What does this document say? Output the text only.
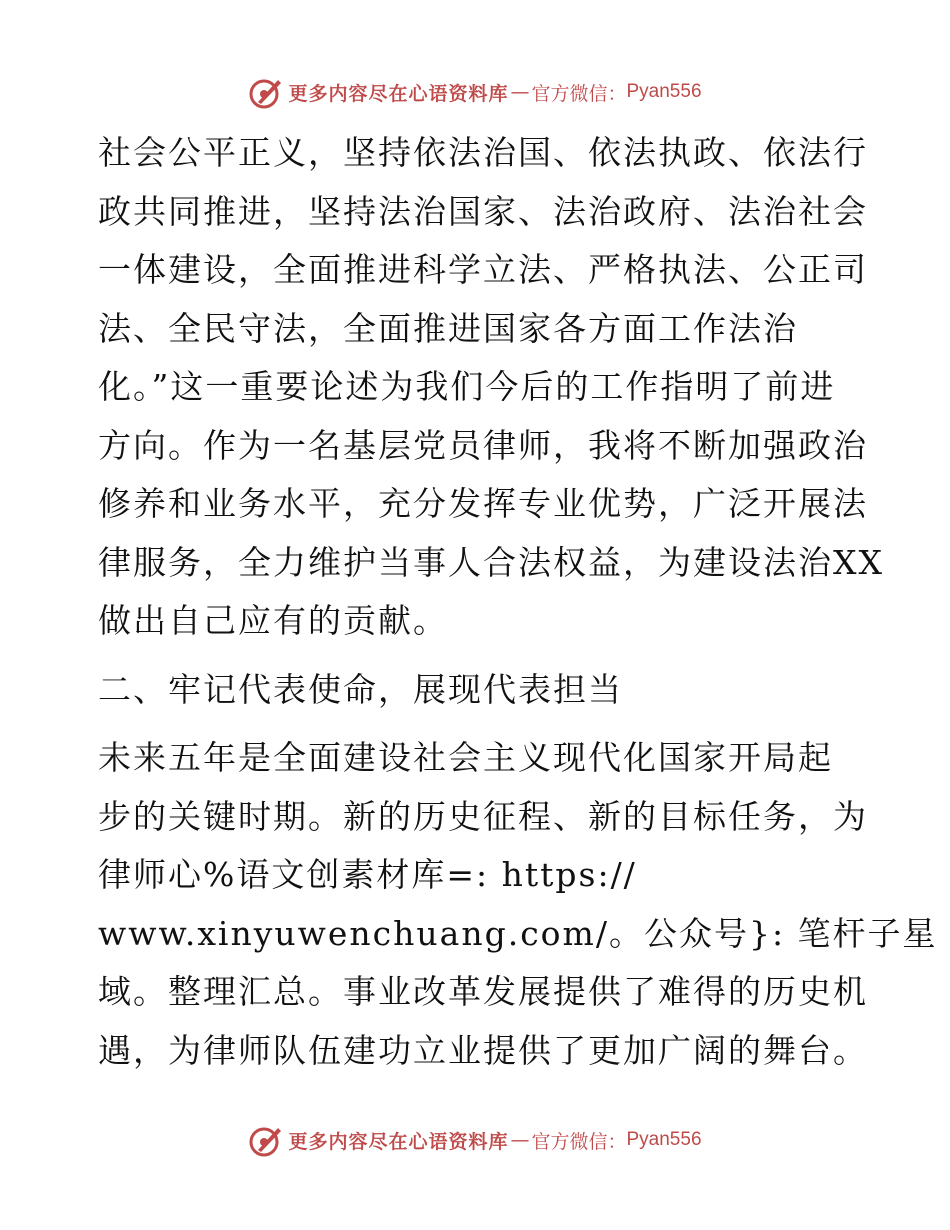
更多内容尽在心语资料库 — 官方微信： Pyan556
社会公平正义，坚持依法治国、依法执政、依法行
政共同推进，坚持法治国家、法治政府、法治社会
一体建设，全面推进科学立法、严格执法、公正司
法、全民守法，全面推进国家各方面工作法治
化。”这一重要论述为我们今后的工作指明了前进
方向。作为一名基层党员律师，我将不断加强政治
修养和业务水平，充分发挥专业优势，广泛开展法
律服务，全力维护当事人合法权益，为建设法治XX
做出自己应有的贡献。
二、牢记代表使命，展现代表担当
未来五年是全面建设社会主义现代化国家开局起
步的关键时期。新的历史征程、新的目标任务，为
律师心%语文创素材库=: https://
www.xinyuwenchuang.com/。公众号}: 笔杆子星
域。整理汇总。事业改革发展提供了难得的历史机
遇，为律师队伍建功立业提供了更加广阔的舞台。
更多内容尽在心语资料库 — 官方微信： Pyan556
